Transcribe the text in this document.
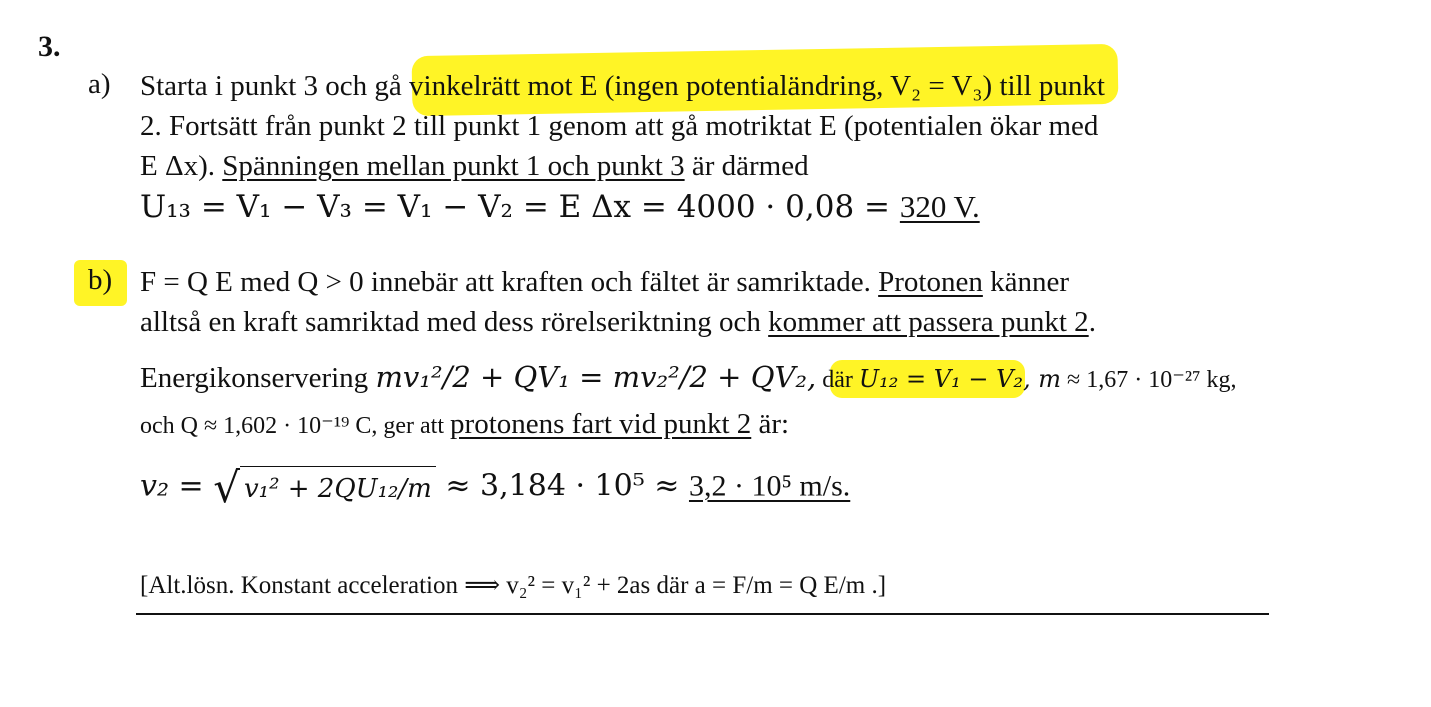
3.
a) Starta i punkt 3 och gå vinkelrätt mot E (ingen potentialändring, V₂ = V₃) till punkt
2. Fortsätt från punkt 2 till punkt 1 genom att gå motriktat E (potentialen ökar med
E Δx). Spänningen mellan punkt 1 och punkt 3 är därmed
U₁₃ = V₁ − V₃ = V₁ − V₂ = E Δx = 4000 · 0,08 = 320 V.
b) F = Q E med Q > 0 innebär att kraften och fältet är samriktade. Protonen känner
alltså en kraft samriktad med dess rörelseriktning och kommer att passera punkt 2.
Energikonservering mv₁²/2 + QV₁ = mv₂²/2 + QV₂, där U₁₂ = V₁ − V₂, m ≈ 1,67 · 10⁻²⁷ kg,
och Q ≈ 1,602 · 10⁻¹⁹ C, ger att protonens fart vid punkt 2 är:
v₂ = √ v₁² + 2QU₁₂/m ≈ 3,184 · 10⁵ ≈ 3,2 · 10⁵ m/s.
[Alt.lösn. Konstant acceleration ⟹ v₂² = v₁² + 2as där a = F/m = Q E/m .]
